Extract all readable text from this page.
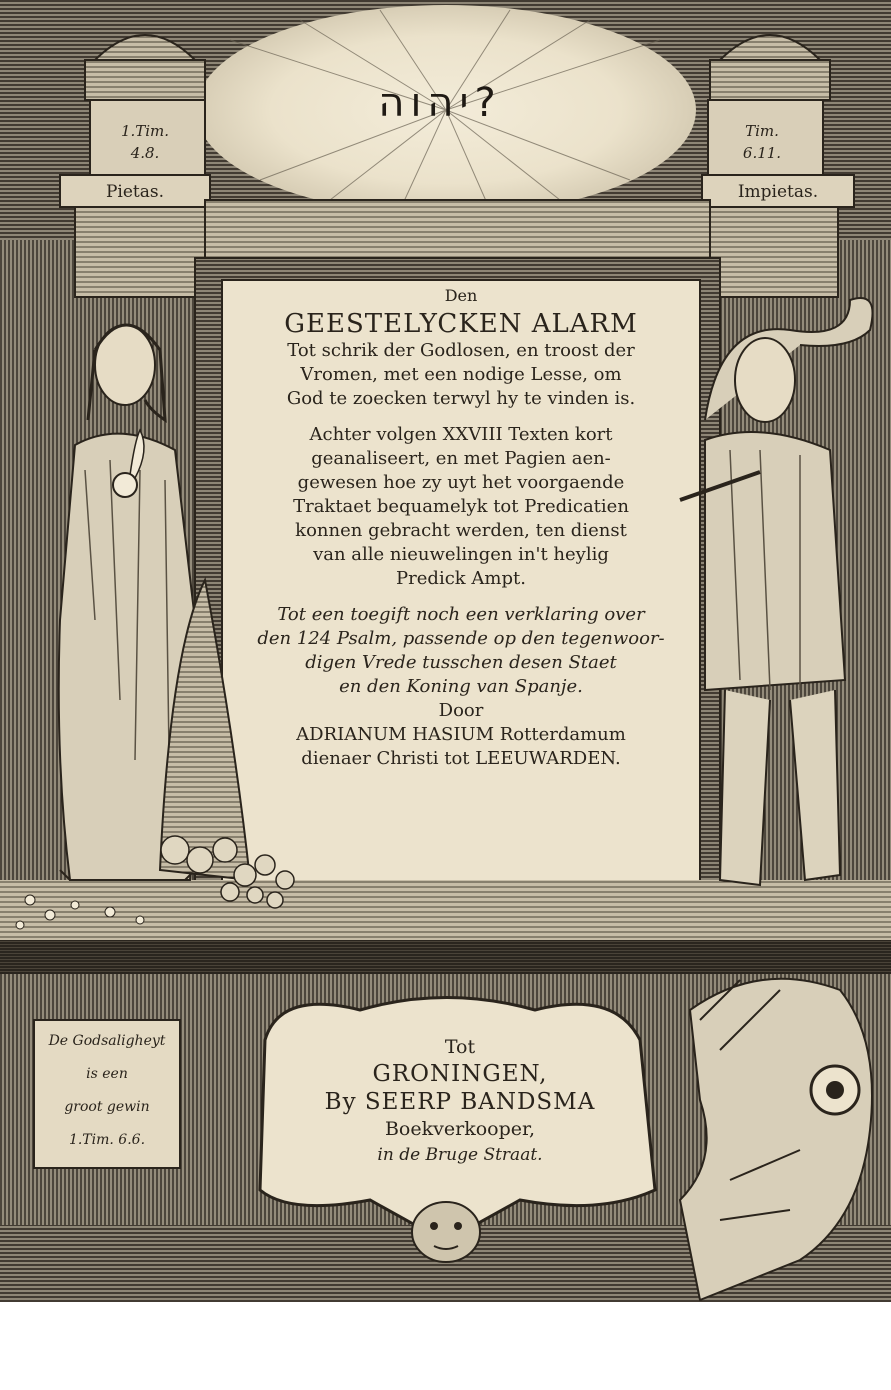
יהוה?
1.Tim.
4.8.
Pietas.
Tim.
6.11.
Impietas.
Den
GEESTELYCKEN ALARM
Tot schrik der Godlosen, en troost der
Vromen, met een nodige Lesse, om
God te zoecken terwyl hy te vinden is.
Achter volgen XXVIII Texten kort
geanaliseert, en met Pagien aen-
gewesen hoe zy uyt het voorgaende
Traktaet bequamelyk tot Predicatien
konnen gebracht werden, ten dienst
van alle nieuwelingen in't heylig
Predick Ampt.
Tot een toegift noch een verklaring over
den 124 Psalm, passende op den tegenwoor-
digen Vrede tusschen desen Staet
en den Koning van Spanje.
Door
ADRIANUM HASIUM Rotterdamum
dienaer Christi tot LEEUWARDEN.
De Godsaligheyt
is een
groot gewin
1.Tim. 6.6.
Tot
GRONINGEN,
By SEERP BANDSMA
Boekverkooper,
in de Bruge Straat.
